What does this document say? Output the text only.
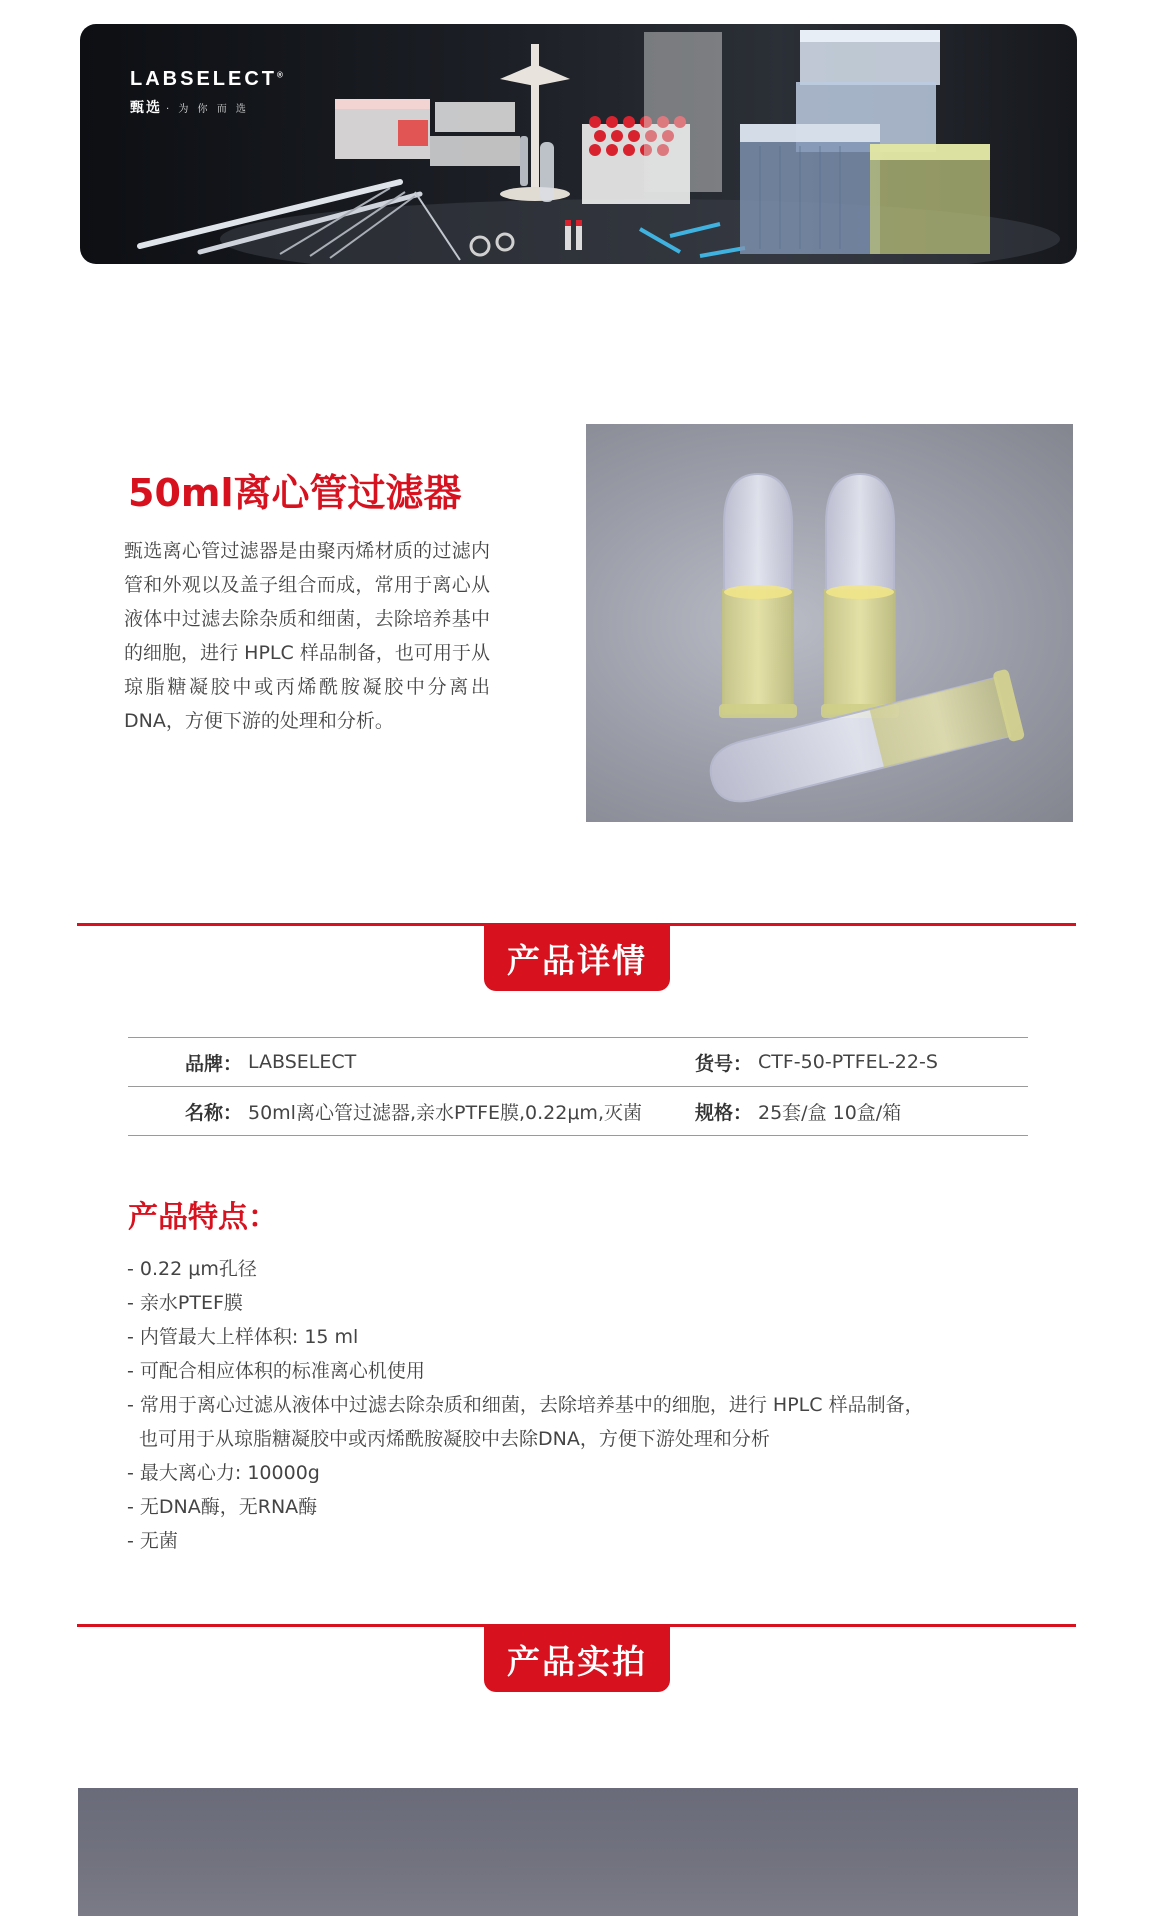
LABSELECT®
甄选 · 为 你 而 选
50ml离心管过滤器

甄选离心管过滤器是由聚丙烯材质的过滤内管和外观以及盖子组合而成，常用于离心从液体中过滤去除杂质和细菌，去除培养基中的细胞，进行 HPLC 样品制备，也可用于从琼脂糖凝胶中或丙烯酰胺凝胶中分离出DNA，方便下游的处理和分析。

产品详情
品牌：	LABSELECT	货号：	CTF-50-PTFEL-22-S
名称：	50ml离心管过滤器,亲水PTFE膜,0.22μm,灭菌	规格：	25套/盒 10盒/箱
产品特点：
- 0.22 μm孔径
- 亲水PTEF膜
- 内管最大上样体积: 15 ml
- 可配合相应体积的标准离心机使用
- 常用于离心过滤从液体中过滤去除杂质和细菌，去除培养基中的细胞，进行 HPLC 样品制备，
也可用于从琼脂糖凝胶中或丙烯酰胺凝胶中去除DNA，方便下游处理和分析
- 最大离心力: 10000g
- 无DNA酶，无RNA酶
- 无菌
产品实拍
